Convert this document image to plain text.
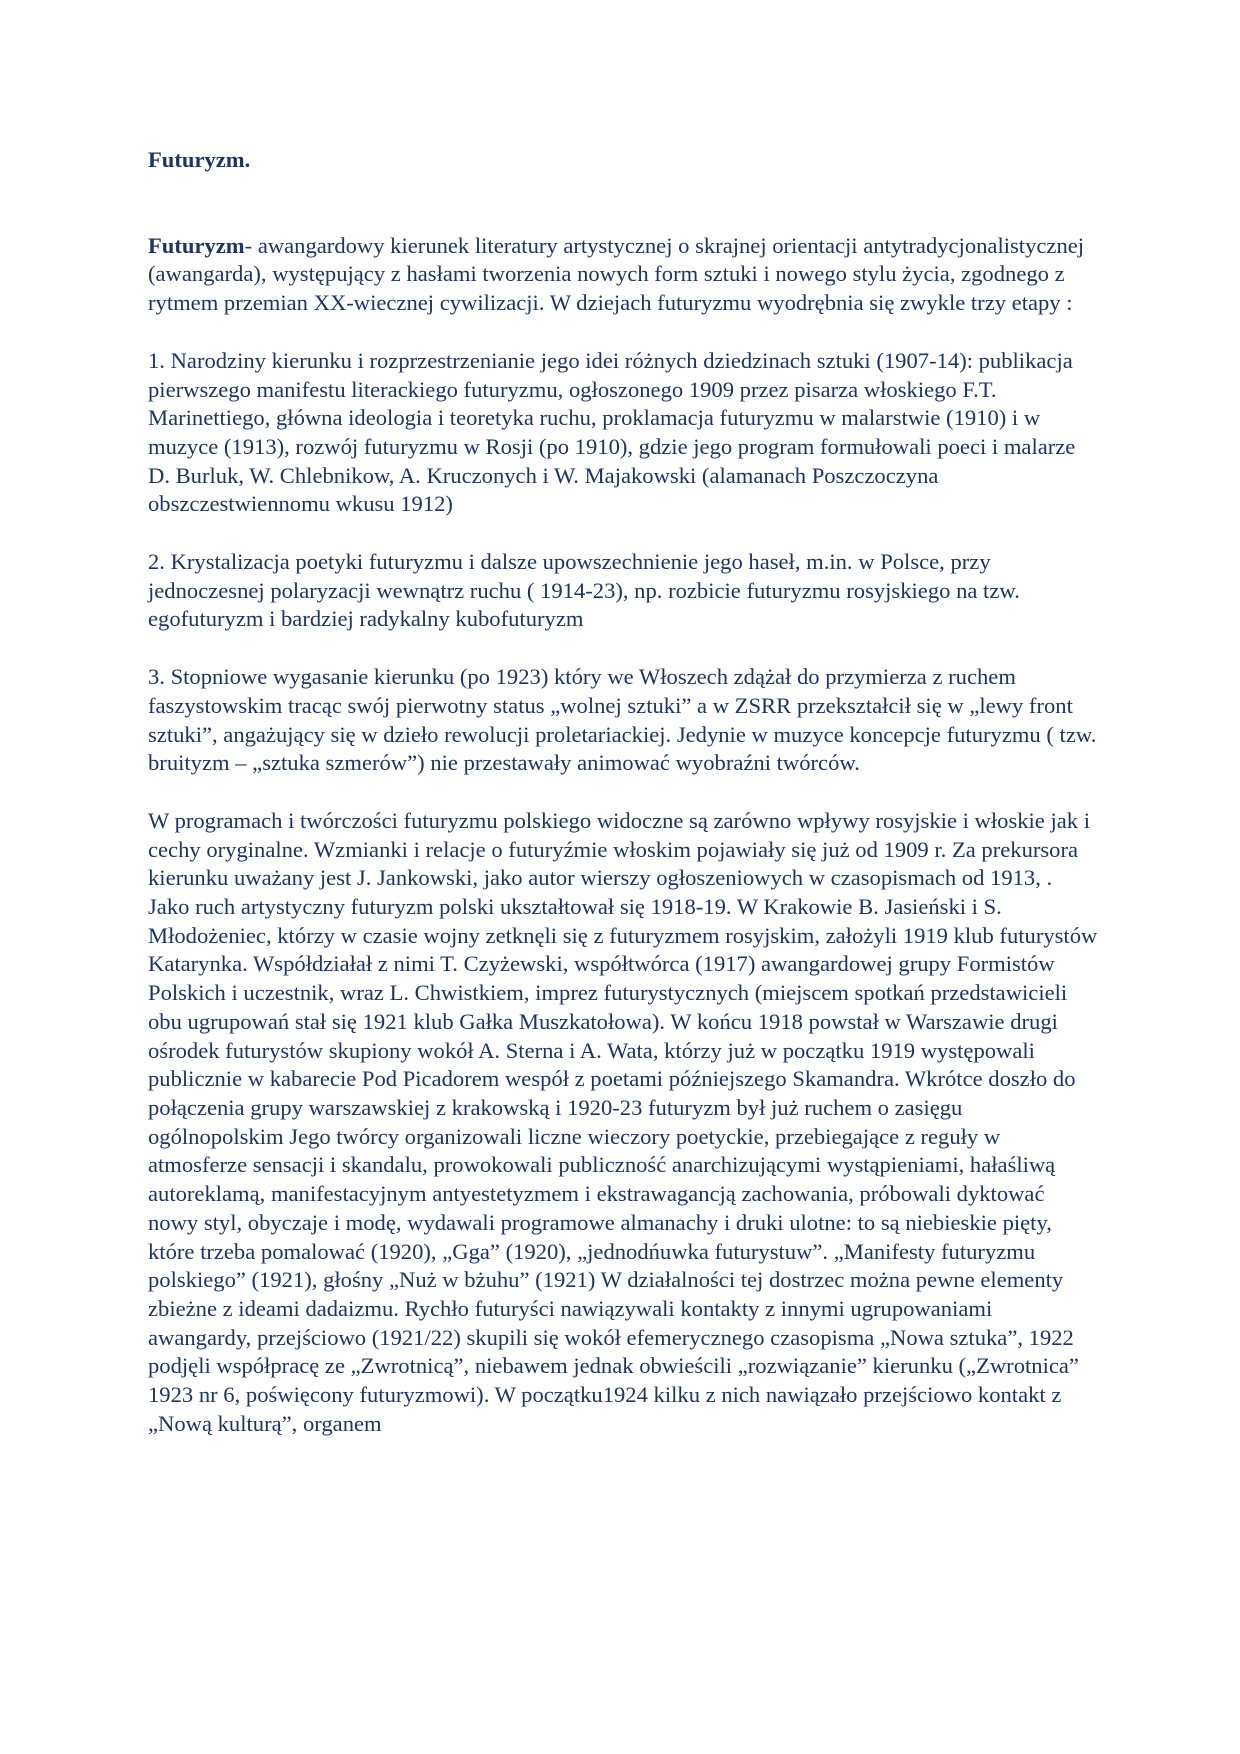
Futuryzm.

Futuryzm- awangardowy kierunek literatury artystycznej o skrajnej orientacji antytradycjonalistycznej (awangarda), występujący z hasłami tworzenia nowych form sztuki i nowego stylu życia, zgodnego z rytmem przemian XX-wiecznej cywilizacji. W dziejach futuryzmu wyodrębnia się zwykle trzy etapy :

1. Narodziny kierunku i rozprzestrzenianie jego idei różnych dziedzinach sztuki (1907-14): publikacja pierwszego manifestu literackiego futuryzmu, ogłoszonego 1909 przez pisarza włoskiego F.T. Marinettiego, główna ideologia i teoretyka ruchu, proklamacja futuryzmu w malarstwie (1910) i w muzyce (1913), rozwój futuryzmu w Rosji (po 1910), gdzie jego program formułowali poeci i malarze D. Burluk, W. Chlebnikow, A. Kruczonych i W. Majakowski (alamanach Poszczoczyna obszczestwiennomu wkusu 1912)

2. Krystalizacja poetyki futuryzmu i dalsze upowszechnienie jego haseł, m.in. w Polsce, przy jednoczesnej polaryzacji wewnątrz ruchu ( 1914-23), np. rozbicie futuryzmu rosyjskiego na tzw. egofuturyzm i bardziej radykalny kubofuturyzm

3. Stopniowe wygasanie kierunku (po 1923) który we Włoszech zdążał do przymierza z ruchem faszystowskim tracąc swój pierwotny status „wolnej sztuki” a w ZSRR przekształcił się w „lewy front sztuki”, angażujący się w dzieło rewolucji proletariackiej. Jedynie w muzyce koncepcje futuryzmu ( tzw. bruityzm – „sztuka szmerów”) nie przestawały animować wyobraźni twórców.

W programach i twórczości futuryzmu polskiego widoczne są zarówno wpływy rosyjskie i włoskie jak i cechy oryginalne. Wzmianki i relacje o futuryźmie włoskim pojawiały się już od 1909 r. Za prekursora kierunku uważany jest J. Jankowski, jako autor wierszy ogłoszeniowych w czasopismach od 1913, . Jako ruch artystyczny futuryzm polski ukształtował się 1918-19. W Krakowie B. Jasieński i S. Młodożeniec, którzy w czasie wojny zetknęli się z futuryzmem rosyjskim, założyli 1919 klub futurystów Katarynka. Współdziałał z nimi T. Czyżewski, współtwórca (1917) awangardowej grupy Formistów Polskich i uczestnik, wraz L. Chwistkiem, imprez futurystycznych (miejscem spotkań przedstawicieli obu ugrupowań stał się 1921 klub Gałka Muszkatołowa). W końcu 1918 powstał w Warszawie drugi ośrodek futurystów skupiony wokół A. Sterna i A. Wata, którzy już w początku 1919 występowali publicznie w kabarecie Pod Picadorem wespół z poetami późniejszego Skamandra. Wkrótce doszło do połączenia grupy warszawskiej z krakowską i 1920-23 futuryzm był już ruchem o zasięgu ogólnopolskim Jego twórcy organizowali liczne wieczory poetyckie, przebiegające z reguły w atmosferze sensacji i skandalu, prowokowali publiczność anarchizującymi wystąpieniami, hałaśliwą autoreklamą, manifestacyjnym antyestetyzmem i ekstrawagancją zachowania, próbowali dyktować nowy styl, obyczaje i modę, wydawali programowe almanachy i druki ulotne: to są niebieskie pięty, które trzeba pomalować (1920), „Gga” (1920), „jednodńuwka futurystuw”. „Manifesty futuryzmu polskiego” (1921), głośny „Nuż w bżuhu” (1921) W działalności tej dostrzec można pewne elementy zbieżne z ideami dadaizmu. Rychło futuryści nawiązywali kontakty z innymi ugrupowaniami awangardy, przejściowo (1921/22) skupili się wokół efemerycznego czasopisma „Nowa sztuka”, 1922 podjęli współpracę ze „Zwrotnicą”, niebawem jednak obwieścili „rozwiązanie” kierunku („Zwrotnica” 1923 nr 6, poświęcony futuryzmowi). W początku1924 kilku z nich nawiązało przejściowo kontakt z „Nową kulturą”, organem
